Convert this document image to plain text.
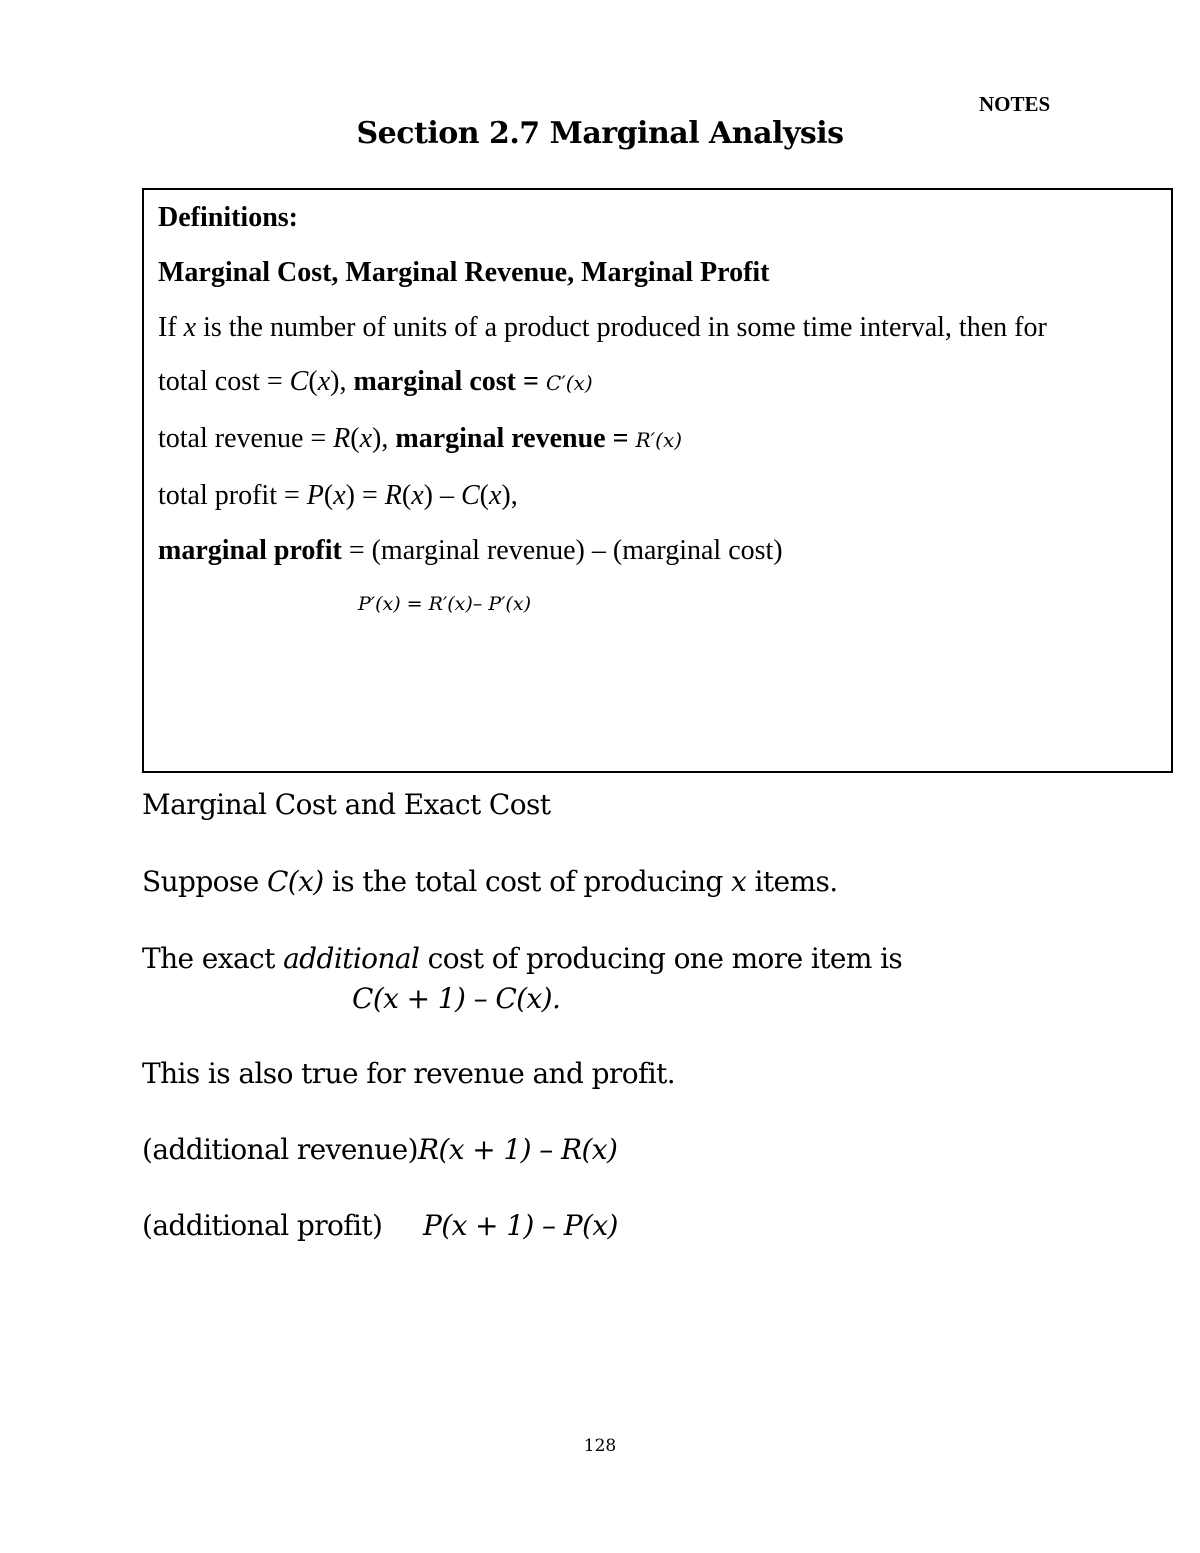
NOTES
Section 2.7 Marginal Analysis
Definitions:
Marginal Cost, Marginal Revenue, Marginal Profit
If x is the number of units of a product produced in some time interval, then for
total cost = C(x), marginal cost = C′(x)
total revenue = R(x), marginal revenue = R′(x)
total profit = P(x) = R(x) – C(x),
marginal profit = (marginal revenue) – (marginal cost)
P′(x) = R′(x)– P′(x)
Marginal Cost and Exact Cost
Suppose C(x) is the total cost of producing x items.
The exact additional cost of producing one more item is
C(x + 1) – C(x).
This is also true for revenue and profit.
(additional revenue)R(x + 1) – R(x)
(additional profit) P(x + 1) – P(x)
128
